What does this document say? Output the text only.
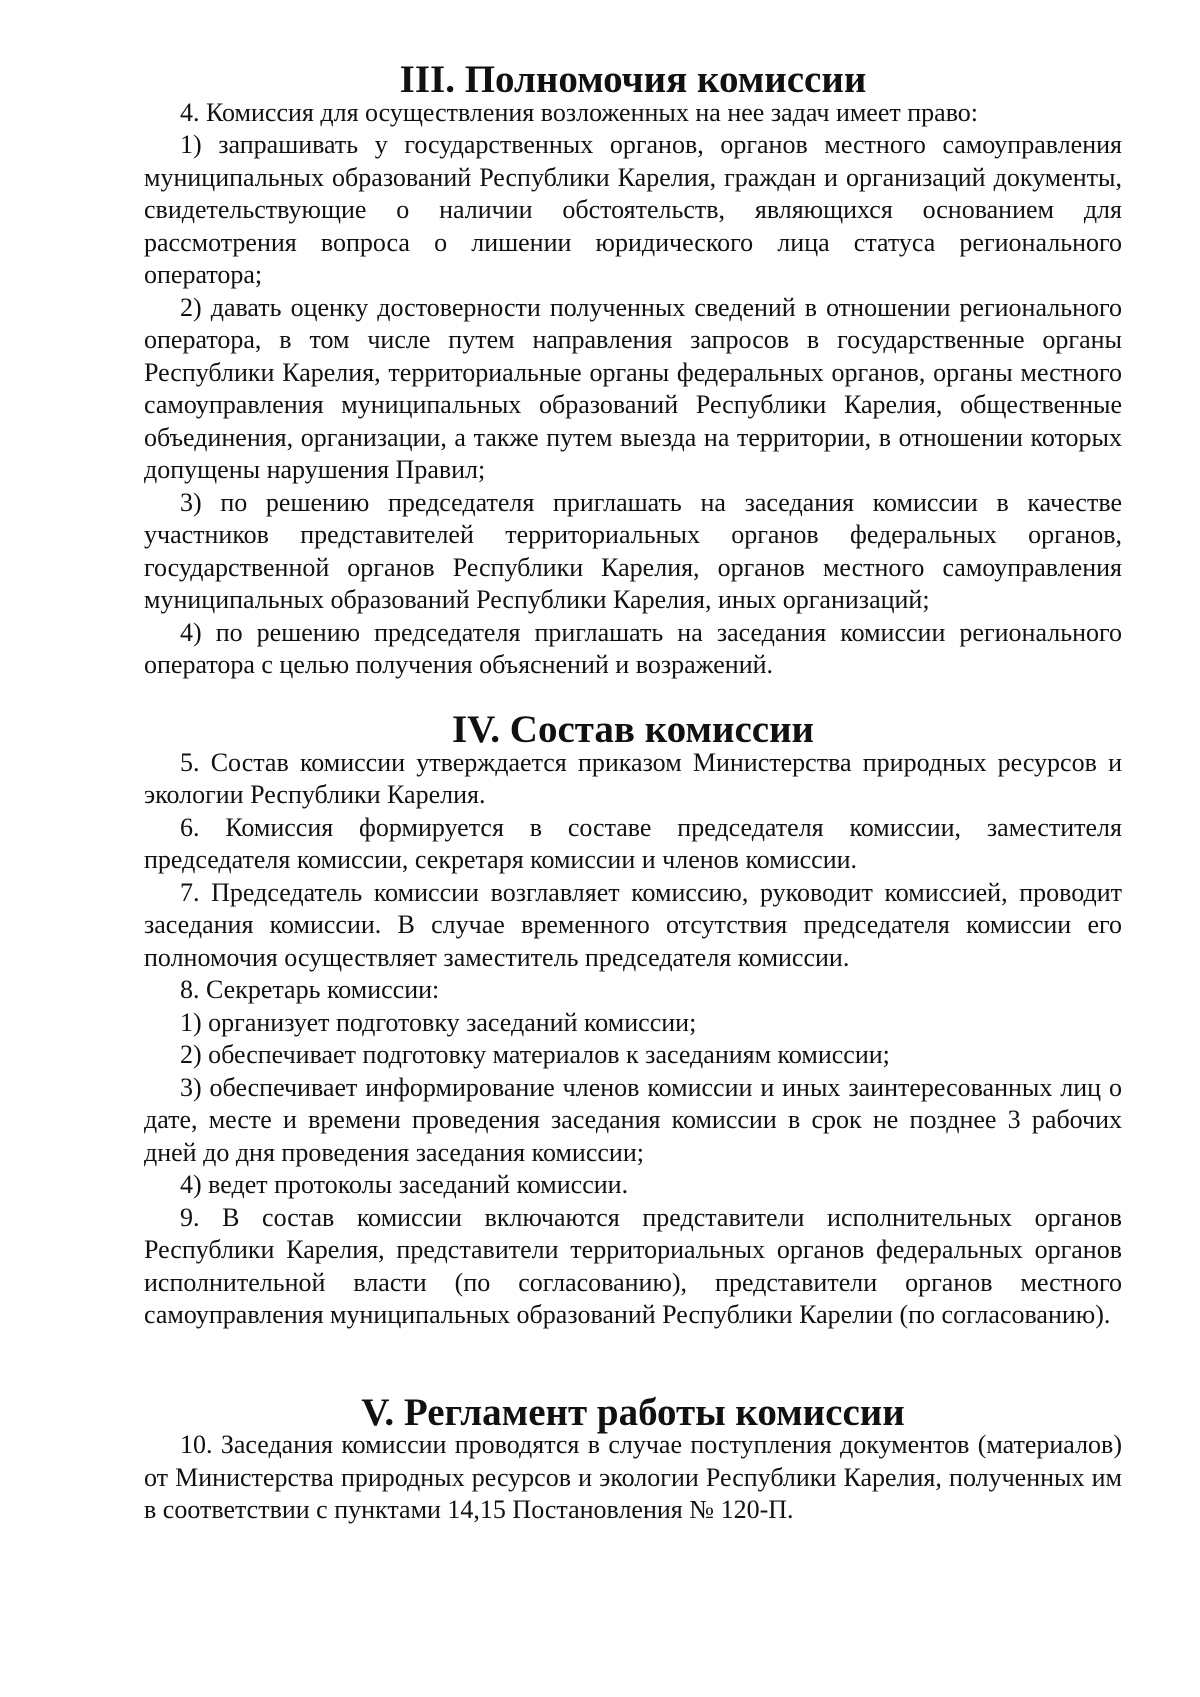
III. Полномочия комиссии

4. Комиссия для осуществления возложенных на нее задач имеет право:

1) запрашивать у государственных органов, органов местного самоуправления муниципальных образований Республики Карелия, граждан и организаций документы, свидетельствующие о наличии обстоятельств, являющихся основанием для рассмотрения вопроса о лишении юридического лица статуса регионального оператора;

2) давать оценку достоверности полученных сведений в отношении регионального оператора, в том числе путем направления запросов в государственные органы Республики Карелия, территориальные органы федеральных органов, органы местного самоуправления муниципальных образований Республики Карелия, общественные объединения, организации, а также путем выезда на территории, в отношении которых допущены нарушения Правил;

3) по решению председателя приглашать на заседания комиссии в качестве участников представителей территориальных органов федеральных органов, государственной органов Республики Карелия, органов местного самоуправления муниципальных образований Республики Карелия, иных организаций;

4) по решению председателя приглашать на заседания комиссии регионального оператора с целью получения объяснений и возражений.

IV. Состав комиссии

5. Состав комиссии утверждается приказом Министерства природных ресурсов и экологии Республики Карелия.

6. Комиссия формируется в составе председателя комиссии, заместителя председателя комиссии, секретаря комиссии и членов комиссии.

7. Председатель комиссии возглавляет комиссию, руководит комиссией, проводит заседания комиссии. В случае временного отсутствия председателя комиссии его полномочия осуществляет заместитель председателя комиссии.

8. Секретарь комиссии:

1) организует подготовку заседаний комиссии;

2) обеспечивает подготовку материалов к заседаниям комиссии;

3) обеспечивает информирование членов комиссии и иных заинтересованных лиц о дате, месте и времени проведения заседания комиссии в срок не позднее 3 рабочих дней до дня проведения заседания комиссии;

4) ведет протоколы заседаний комиссии.

9. В состав комиссии включаются представители исполнительных органов Республики Карелия, представители территориальных органов федеральных органов исполнительной власти (по согласованию), представители органов местного самоуправления муниципальных образований Республики Карелии (по согласованию).

V. Регламент работы комиссии

10. Заседания комиссии проводятся в случае поступления документов (материалов) от Министерства природных ресурсов и экологии Республики Карелия, полученных им в соответствии с пунктами 14,15 Постановления № 120-П.
